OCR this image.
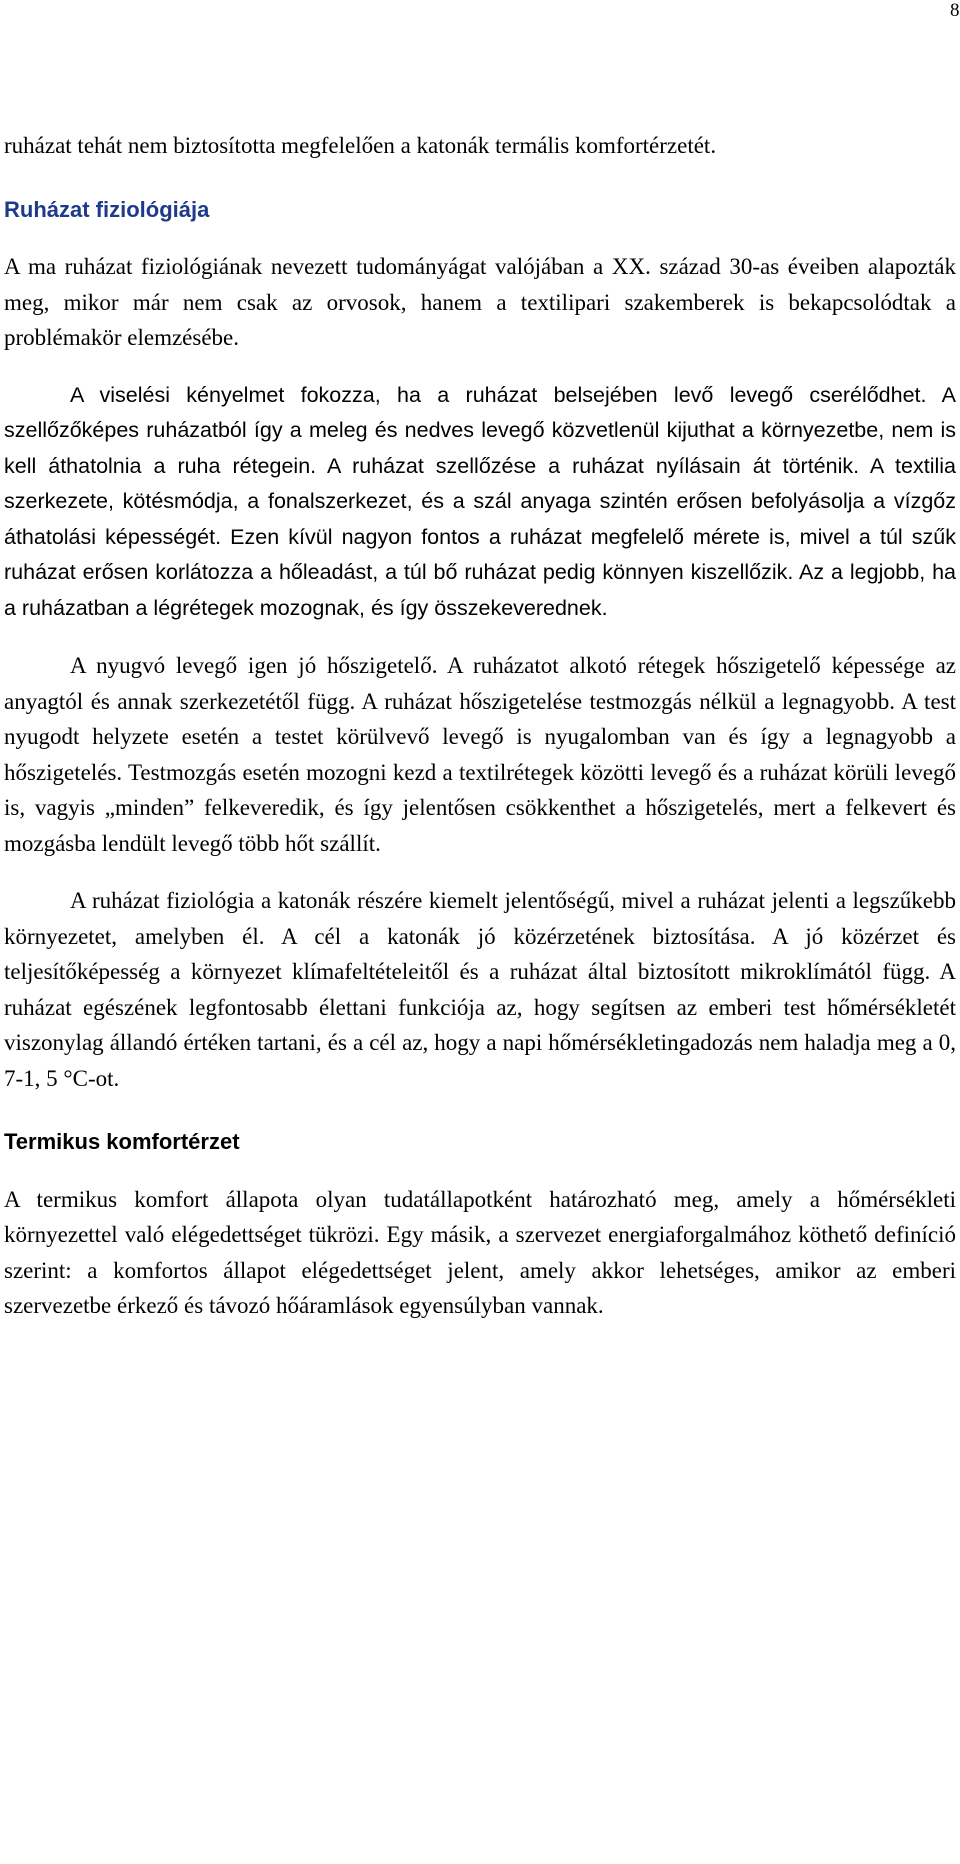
8

ruházat tehát nem biztosította megfelelően a katonák termális komfortérzetét.

Ruházat fiziológiája

A ma ruházat fiziológiának nevezett tudományágat valójában a XX. század 30-as éveiben alapozták meg, mikor már nem csak az orvosok, hanem a textilipari szakemberek is bekapcsolódtak a problémakör elemzésébe.

A viselési kényelmet fokozza, ha a ruházat belsejében levő levegő cserélődhet. A szellőzőképes ruházatból így a meleg és nedves levegő közvetlenül kijuthat a környezetbe, nem is kell áthatolnia a ruha rétegein. A ruházat szellőzése a ruházat nyílásain át történik. A textilia szerkezete, kötésmódja, a fonalszerkezet, és a szál anyaga szintén erősen befolyásolja a vízgőz áthatolási képességét. Ezen kívül nagyon fontos a ruházat megfelelő mérete is, mivel a túl szűk ruházat erősen korlátozza a hőleadást, a túl bő ruházat pedig könnyen kiszellőzik. Az a legjobb, ha a ruházatban a légrétegek mozognak, és így összekeverednek.

A nyugvó levegő igen jó hőszigetelő. A ruházatot alkotó rétegek hőszigetelő képessége az anyagtól és annak szerkezetétől függ. A ruházat hőszigetelése testmozgás nélkül a legnagyobb. A test nyugodt helyzete esetén a testet körülvevő levegő is nyugalomban van és így a legnagyobb a hőszigetelés. Testmozgás esetén mozogni kezd a textilrétegek közötti levegő és a ruházat körüli levegő is, vagyis „minden” felkeveredik, és így jelentősen csökkenthet a hőszigetelés, mert a felkevert és mozgásba lendült levegő több hőt szállít.

A ruházat fiziológia a katonák részére kiemelt jelentőségű, mivel a ruházat jelenti a legszűkebb környezetet, amelyben él. A cél a katonák jó közérzetének biztosítása. A jó közérzet és teljesítőképesség a környezet klímafeltételeitől és a ruházat által biztosított mikroklímától függ. A ruházat egészének legfontosabb élettani funkciója az, hogy segítsen az emberi test hőmérsékletét viszonylag állandó értéken tartani, és a cél az, hogy a napi hőmérsékletingadozás nem haladja meg a 0, 7-1, 5 °C-ot.

Termikus komfortérzet

A termikus komfort állapota olyan tudatállapotként határozható meg, amely a hőmérsékleti környezettel való elégedettséget tükrözi. Egy másik, a szervezet energiaforgalmához köthető definíció szerint: a komfortos állapot elégedettséget jelent, amely akkor lehetséges, amikor az emberi szervezetbe érkező és távozó hőáramlások egyensúlyban vannak.
